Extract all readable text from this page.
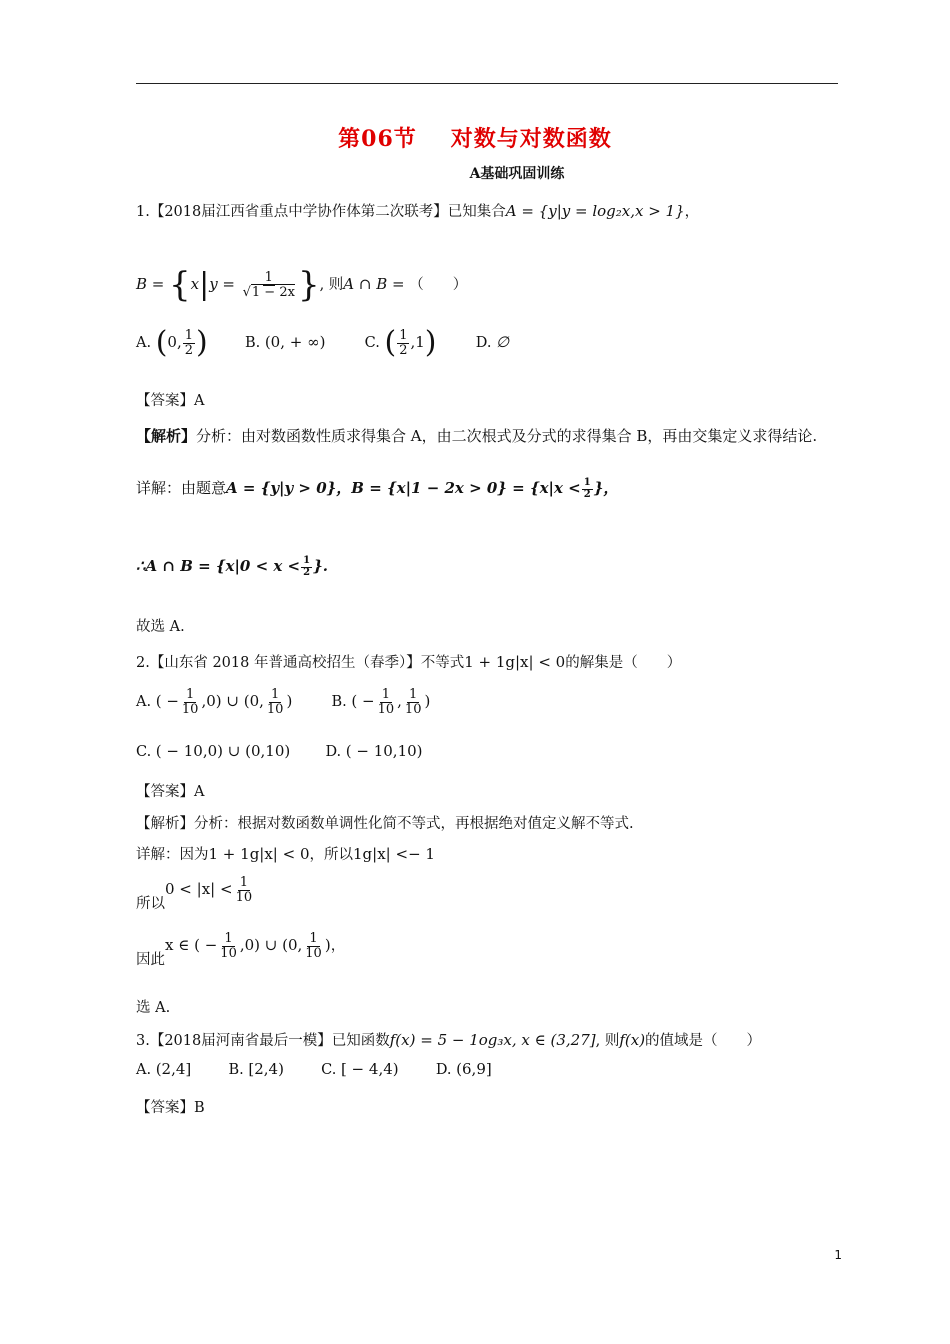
第06节 对数与对数函数
A基础巩固训练
1.【2018届江西省重点中学协作体第二次联考】已知集合A = {y|y = log₂x,x > 1}，
$B = \{x|y = \frac{1}{√1 - 2x}$ }, 则A ∩ B = （　　）
A. (0, $\frac{1}{2}$ )	B. (0, + ∞)	C. ( $\frac{1}{2} ,1$)	D. ∅
【答案】A
【解析】分析：由对数函数性质求得集合 A，由二次根式及分式的求得集合 B，再由交集定义求得结论.
详解：由题意A = {y|y > 0}，$B = \{x|1 - 2x > 0\} = \{x|x < \frac{1}{2}$ }，
∴A ∩ $B = \{x|0 < x < \frac{1}{2}$ }.
故选 A.
2.【山东省 2018 年普通高校招生（春季）】不等式1 + 1g|x| < 0的解集是（　　）
A. ( − $\frac{1}{10} ,0$) ∪ (0, $\frac{1}{10}$ )	B. ( − $\frac{1}{10}$ , $\frac{1}{10}$ )
C. ( − 10,0) ∪ (0,10) D. ( − 10,10)
【答案】A
【解析】分析：根据对数函数单调性化简不等式，再根据绝对值定义解不等式.
详解：因为1 + 1g|x| < 0，所以1g|x| <− 1
所以$0 < |x| < \frac{1}{10}$
因此x ∈ ( − $\frac{1}{10} ,0$) ∪ (0, $\frac{1}{10}$ )，
选 A.
3.【2018届河南省最后一模】已知函数f(x) = 5 − 1og₃x, x ∈ (3,27], 则f(x)的值域是（　　）
A. (2,4]	B. [2,4)	C. [ − 4,4)	D. (6,9]
【答案】B
1
